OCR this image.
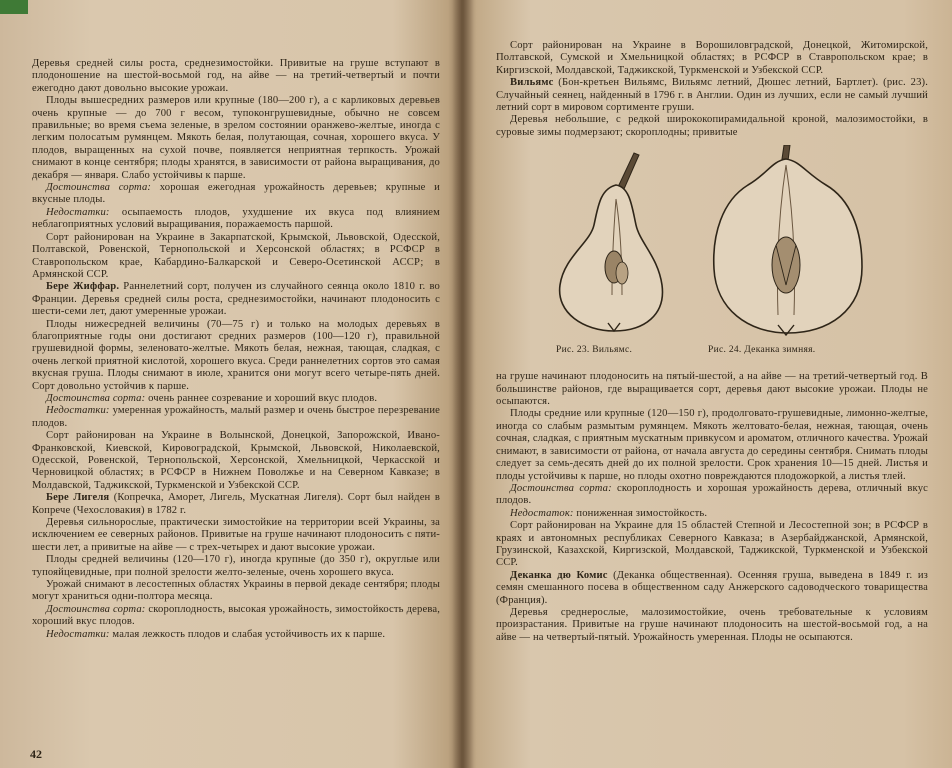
Деревья средней силы роста, среднезимостойки. Привитые на груше вступают в плодоношение на шестой-восьмой год, на айве — на третий-четвертый и почти ежегодно дают довольно высокие урожаи.

Плоды вышесредних размеров или крупные (180—200 г), а с карликовых деревьев очень крупные — до 700 г весом, тупоконгрушевидные, обычно не совсем правильные; во время съема зеленые, в зрелом состоянии оранжево-желтые, иногда с легким полосатым румянцем. Мякоть белая, полутающая, сочная, хорошего вкуса. У плодов, выращенных на сухой почве, появляется неприятная терпкость. Урожай снимают в конце сентября; плоды хранятся, в зависимости от района выращивания, до декабря — января. Слабо устойчивы к парше.

Достоинства сорта: хорошая ежегодная урожайность деревьев; крупные и вкусные плоды.

Недостатки: осыпаемость плодов, ухудшение их вкуса под влиянием неблагоприятных условий выращивания, поражаемость паршой.

Сорт районирован на Украине в Закарпатской, Крымской, Львовской, Одесской, Полтавской, Ровенской, Тернопольской и Херсонской областях; в РСФСР в Ставропольском крае, Кабардино-Балкарской и Северо-Осетинской АССР; в Армянской ССР.

Бере Жиффар. Раннелетний сорт, получен из случайного сеянца около 1810 г. во Франции. Деревья средней силы роста, среднезимостойки, начинают плодоносить с шести-семи лет, дают умеренные урожаи.

Плоды нижесредней величины (70—75 г) и только на молодых деревьях в благоприятные годы они достигают средних размеров (100—120 г), правильной грушевидной формы, зеленовато-желтые. Мякоть белая, нежная, тающая, сладкая, с очень легкой приятной кислотой, хорошего вкуса. Среди раннелетних сортов это самая вкусная груша. Плоды снимают в июле, хранится они могут всего четыре-пять дней. Сорт довольно устойчив к парше.

Достоинства сорта: очень раннее созревание и хороший вкус плодов.

Недостатки: умеренная урожайность, малый размер и очень быстрое перезревание плодов.

Сорт районирован на Украине в Волынской, Донецкой, Запорожской, Ивано-Франковской, Киевской, Кировоградской, Крымской, Львовской, Николаевской, Одесской, Ровенской, Тернопольской, Херсонской, Хмельницкой, Черкасской и Черновицкой областях; в РСФСР в Нижнем Поволжье и на Северном Кавказе; в Молдавской, Таджикской, Туркменской и Узбекской ССР.

Бере Лигеля (Копречка, Аморет, Лигель, Мускатная Лигеля). Сорт был найден в Копрече (Чехословакия) в 1782 г.

Деревья сильнорослые, практически зимостойкие на территории всей Украины, за исключением ее северных районов. Привитые на груше начинают плодоносить с пяти-шести лет, а привитые на айве — с трех-четырех и дают высокие урожаи.

Плоды средней величины (120—170 г), иногда крупные (до 350 г), округлые или тупояйцевидные, при полной зрелости желто-зеленые, очень хорошего вкуса.

Урожай снимают в лесостепных областях Украины в первой декаде сентября; плоды могут храниться одни-полтора месяца.

Достоинства сорта: скороплодность, высокая урожайность, зимостойкость дерева, хороший вкус плодов.

Недостатки: малая лежкость плодов и слабая устойчивость их к парше.

42

Сорт районирован на Украине в Ворошиловградской, Донецкой, Житомирской, Полтавской, Сумской и Хмельницкой областях; в РСФСР в Ставропольском крае; в Киргизской, Молдавской, Таджикской, Туркменской и Узбекской ССР.

Вильямс (Бон-кретьен Вильямс, Вильямс летний, Дюшес летний, Бартлет). (рис. 23). Случайный сеянец, найденный в 1796 г. в Англии. Один из лучших, если не самый лучший летний сорт в мировом сортименте груши.

Деревья небольшие, с редкой ширококопирамидальной кроной, малозимостойки, в суровые зимы подмерзают; скороплодны; привитые

Рис. 23. Вильямс.	Рис. 24. Деканка зимняя.

на груше начинают плодоносить на пятый-шестой, а на айве — на третий-четвертый год. В большинстве районов, где выращивается сорт, деревья дают высокие урожаи. Плоды не осыпаются.

Плоды средние или крупные (120—150 г), продолговато-грушевидные, лимонно-желтые, иногда со слабым размытым румянцем. Мякоть желтовато-белая, нежная, тающая, очень сочная, сладкая, с приятным мускатным привкусом и ароматом, отличного качества. Урожай снимают, в зависимости от района, от начала августа до середины сентября. Снимать плоды следует за семь-десять дней до их полной зрелости. Срок хранения 10—15 дней. Листья и плоды устойчивы к парше, но плоды охотно повреждаются плодожоркой, а листья тлей.

Достоинства сорта: скороплодность и хорошая урожайность дерева, отличный вкус плодов.

Недостаток: пониженная зимостойкость.

Сорт районирован на Украине для 15 областей Степной и Лесостепной зон; в РСФСР в краях и автономных республиках Северного Кавказа; в Азербайджанской, Армянской, Грузинской, Казахской, Киргизской, Молдавской, Таджикской, Туркменской и Узбекской ССР.

Деканка дю Комис (Деканка общественная). Осенняя груша, выведена в 1849 г. из семян смешанного посева в общественном саду Анжерского садоводческого товарищества (Франция).

Деревья среднерослые, малозимостойкие, очень требовательные к условиям произрастания. Привитые на груше начинают плодоносить на шестой-восьмой год, а на айве — на четвертый-пятый. Урожайность умеренная. Плоды не осыпаются.
